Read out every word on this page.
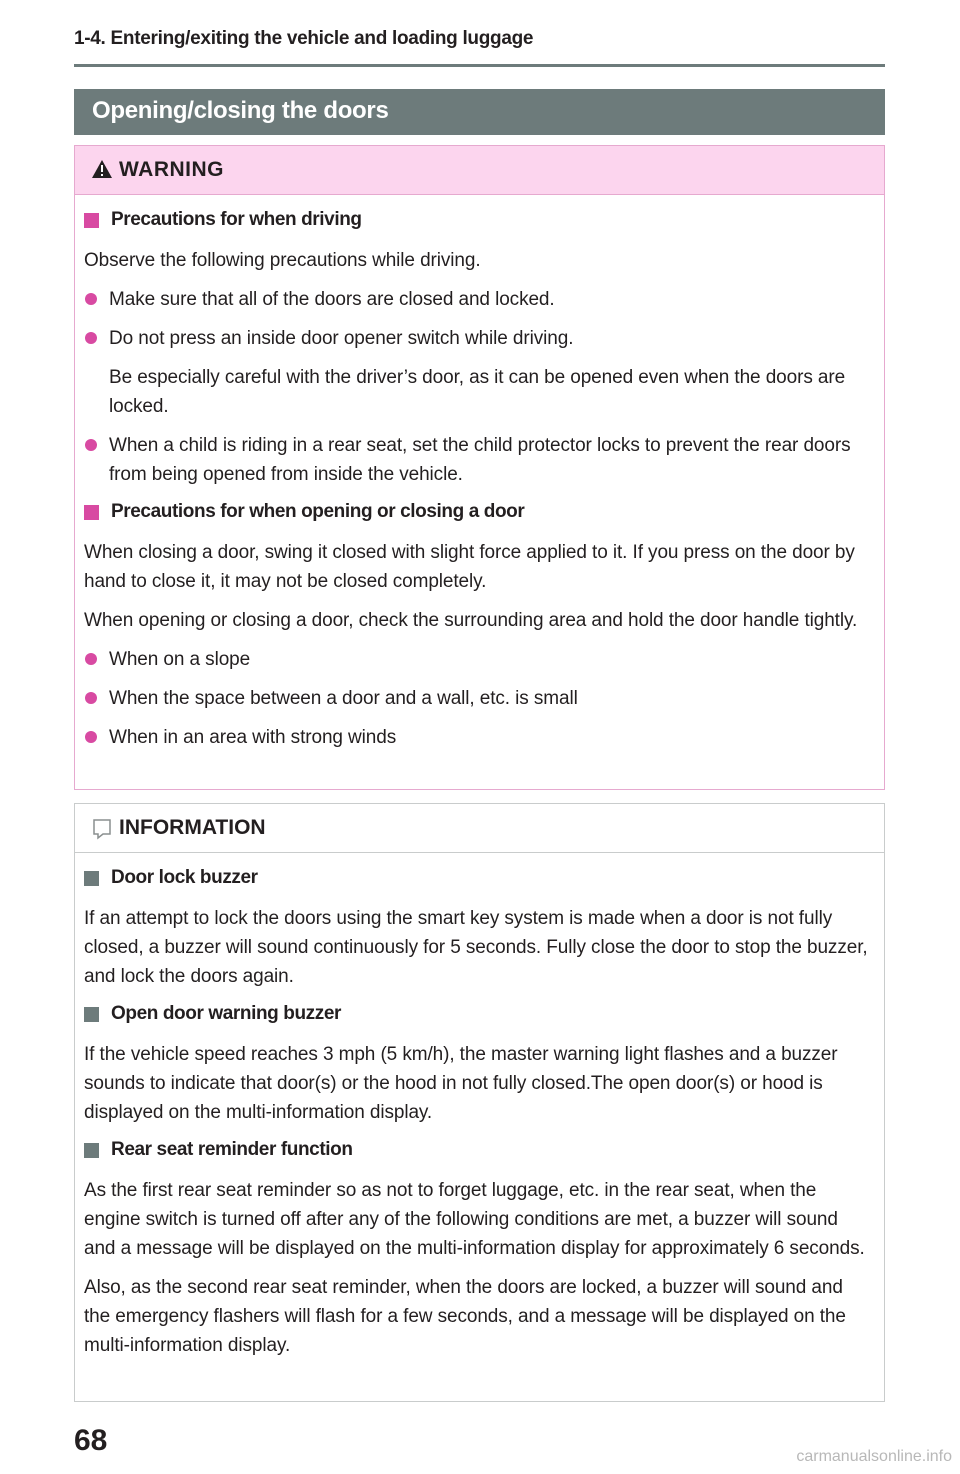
1-4. Entering/exiting the vehicle and loading luggage
Opening/closing the doors
WARNING
Precautions for when driving

Observe the following precautions while driving.

Make sure that all of the doors are closed and locked.

Do not press an inside door opener switch while driving.

Be especially careful with the driver’s door, as it can be opened even when the doors are locked.

When a child is riding in a rear seat, set the child protector locks to prevent the rear doors from being opened from inside the vehicle.

Precautions for when opening or closing a door

When closing a door, swing it closed with slight force applied to it. If you press on the door by hand to close it, it may not be closed completely.

When opening or closing a door, check the surrounding area and hold the door handle tightly.

When on a slope

When the space between a door and a wall, etc. is small

When in an area with strong winds

INFORMATION
Door lock buzzer

If an attempt to lock the doors using the smart key system is made when a door is not fully closed, a buzzer will sound continuously for 5 seconds. Fully close the door to stop the buzzer, and lock the doors again.

Open door warning buzzer

If the vehicle speed reaches 3 mph (5 km/h), the master warning light flashes and a buzzer sounds to indicate that door(s) or the hood in not fully closed.The open door(s) or hood is displayed on the multi-information display.

Rear seat reminder function

As the first rear seat reminder so as not to forget luggage, etc. in the rear seat, when the engine switch is turned off after any of the following conditions are met, a buzzer will sound and a message will be displayed on the multi-information display for approximately 6 seconds.

Also, as the second rear seat reminder, when the doors are locked, a buzzer will sound and the emergency flashers will flash for a few seconds, and a message will be displayed on the multi-information display.

68	carmanualsonline.info
